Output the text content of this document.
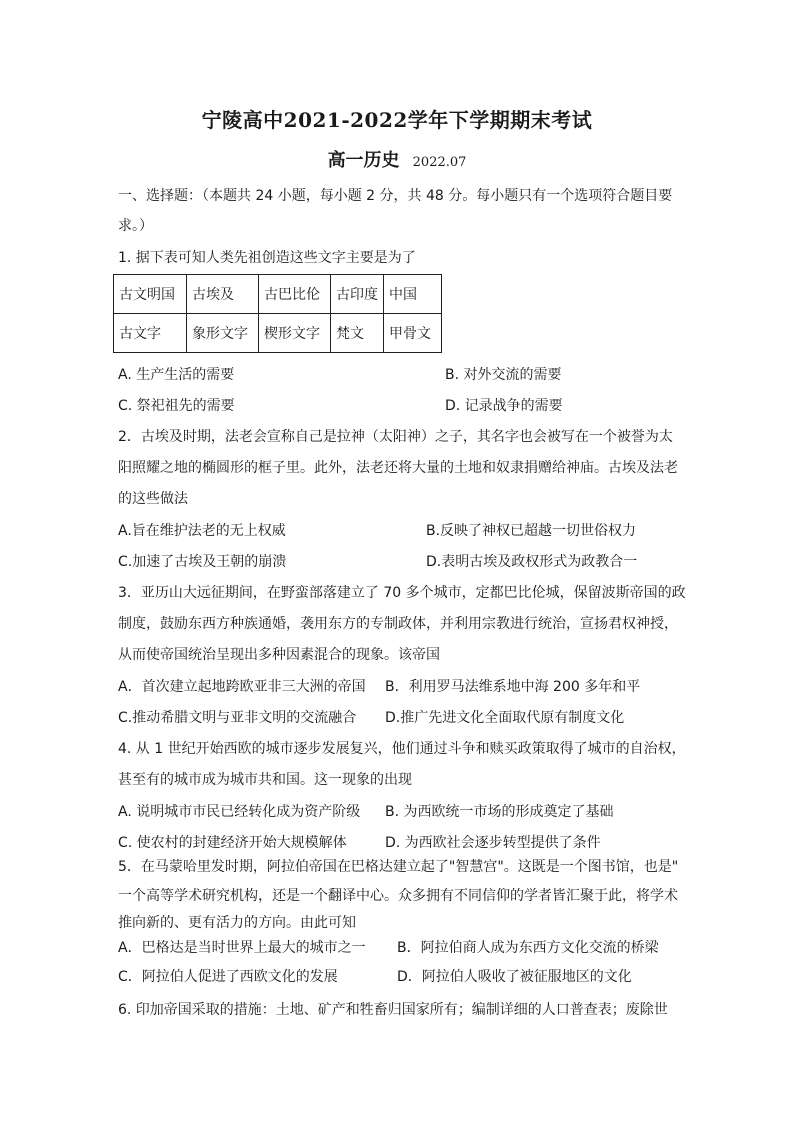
宁陵高中2021-2022学年下学期期末考试
高一历史 2022.07
一、选择题：（本题共 24 小题，每小题 2 分，共 48 分。每小题只有一个选项符合题目要
求。）
1. 据下表可知人类先祖创造这些文字主要是为了
古文明国	古埃及	古巴比伦	古印度	中国
古文字	象形文字	楔形文字	梵文	甲骨文
A. 生产生活的需要	B. 对外交流的需要
C. 祭祀祖先的需要	D. 记录战争的需要
2．古埃及时期，法老会宣称自己是拉神（太阳神）之子，其名字也会被写在一个被誉为太
阳照耀之地的椭圆形的框子里。此外，法老还将大量的土地和奴隶捐赠给神庙。古埃及法老
的这些做法
A.旨在维护法老的无上权威	B.反映了神权已超越一切世俗权力
C.加速了古埃及王朝的崩溃	D.表明古埃及政权形式为政教合一
3．亚历山大远征期间，在野蛮部落建立了 70 多个城市，定都巴比伦城，保留波斯帝国的政
制度，鼓励东西方种族通婚，袭用东方的专制政体，并利用宗教进行统治，宣扬君权神授，
从而使帝国统治呈现出多种因素混合的现象。该帝国
A．首次建立起地跨欧亚非三大洲的帝国 B．利用罗马法维系地中海 200 多年和平
C.推动希腊文明与亚非文明的交流融合 D.推广先进文化全面取代原有制度文化
4. 从 1 世纪开始西欧的城市逐步发展复兴，他们通过斗争和赎买政策取得了城市的自治权，
甚至有的城市成为城市共和国。这一现象的出现
A. 说明城市市民已经转化成为资产阶级 B. 为西欧统一市场的形成奠定了基础
C. 使农村的封建经济开始大规模解体	D. 为西欧社会逐步转型提供了条件
5．在马蒙哈里发时期，阿拉伯帝国在巴格达建立起了"智慧宫"。这既是一个图书馆，也是"
一个高等学术研究机构，还是一个翻译中心。众多拥有不同信仰的学者皆汇聚于此，将学术
推向新的、更有活力的方向。由此可知
A．巴格达是当时世界上最大的城市之一 B．阿拉伯商人成为东西方文化交流的桥梁
C．阿拉伯人促进了西欧文化的发展	D．阿拉伯人吸收了被征服地区的文化
6. 印加帝国采取的措施：土地、矿产和牲畜归国家所有；编制详细的人口普查表；废除世
